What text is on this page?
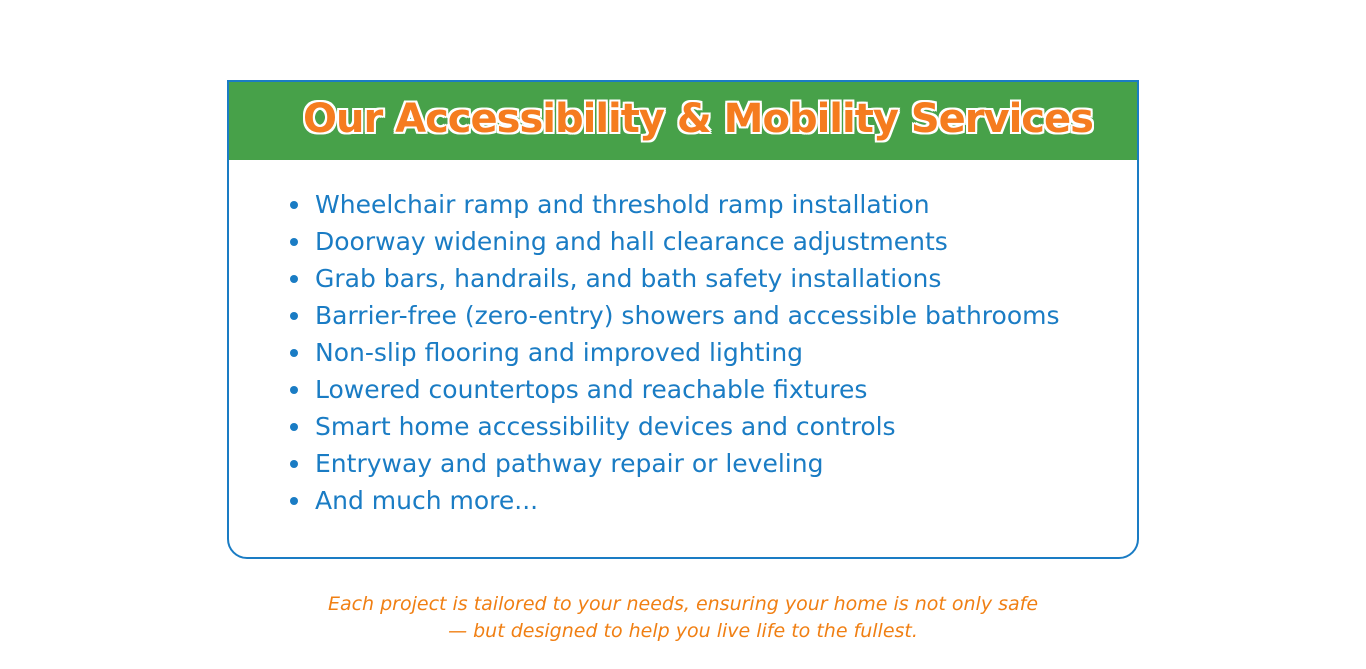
Our Accessibility & Mobility Services
Wheelchair ramp and threshold ramp installation
Doorway widening and hall clearance adjustments
Grab bars, handrails, and bath safety installations
Barrier-free (zero-entry) showers and accessible bathrooms
Non-slip flooring and improved lighting
Lowered countertops and reachable fixtures
Smart home accessibility devices and controls
Entryway and pathway repair or leveling
And much more...

Each project is tailored to your needs, ensuring your home is not only safe
— but designed to help you live life to the fullest.
